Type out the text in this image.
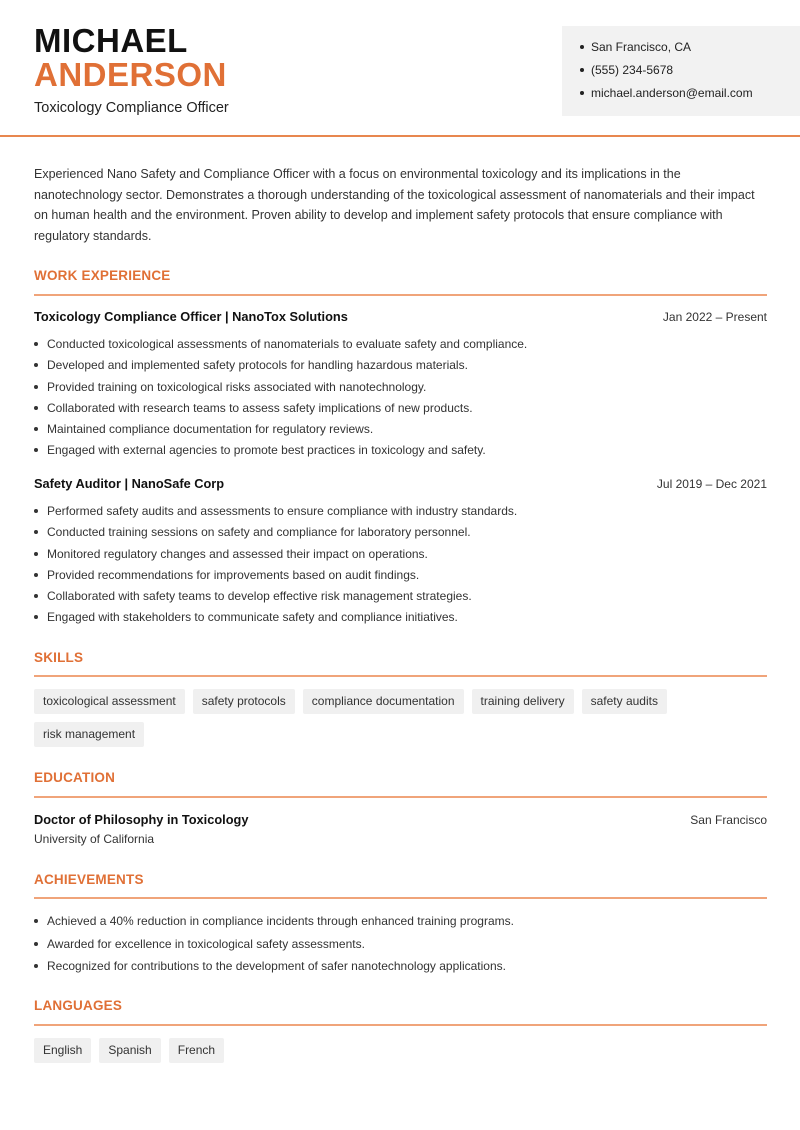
MICHAEL
ANDERSON
Toxicology Compliance Officer
San Francisco, CA
(555) 234-5678
michael.anderson@email.com
Experienced Nano Safety and Compliance Officer with a focus on environmental toxicology and its implications in the nanotechnology sector. Demonstrates a thorough understanding of the toxicological assessment of nanomaterials and their impact on human health and the environment. Proven ability to develop and implement safety protocols that ensure compliance with regulatory standards.
WORK EXPERIENCE
Toxicology Compliance Officer | NanoTox Solutions	Jan 2022 – Present
Conducted toxicological assessments of nanomaterials to evaluate safety and compliance.
Developed and implemented safety protocols for handling hazardous materials.
Provided training on toxicological risks associated with nanotechnology.
Collaborated with research teams to assess safety implications of new products.
Maintained compliance documentation for regulatory reviews.
Engaged with external agencies to promote best practices in toxicology and safety.
Safety Auditor | NanoSafe Corp	Jul 2019 – Dec 2021
Performed safety audits and assessments to ensure compliance with industry standards.
Conducted training sessions on safety and compliance for laboratory personnel.
Monitored regulatory changes and assessed their impact on operations.
Provided recommendations for improvements based on audit findings.
Collaborated with safety teams to develop effective risk management strategies.
Engaged with stakeholders to communicate safety and compliance initiatives.
SKILLS
toxicological assessment	safety protocols	compliance documentation	training delivery	safety audits
risk management
EDUCATION
Doctor of Philosophy in Toxicology	San Francisco
University of California
ACHIEVEMENTS
Achieved a 40% reduction in compliance incidents through enhanced training programs.
Awarded for excellence in toxicological safety assessments.
Recognized for contributions to the development of safer nanotechnology applications.
LANGUAGES
English	Spanish	French
